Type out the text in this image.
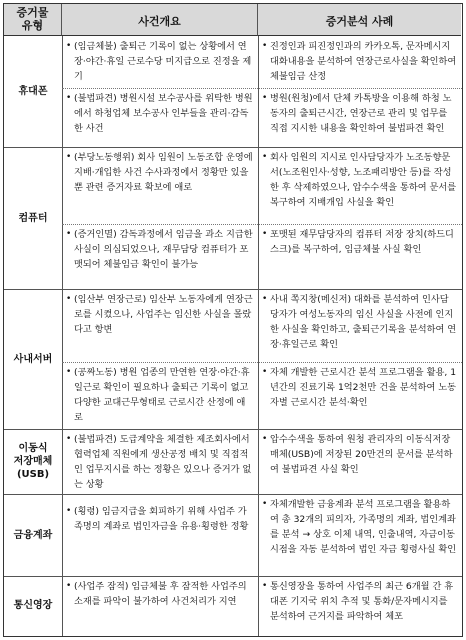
증거물
유형	사건개요	증거분석 사례
휴대폰
• (임금체불) 출퇴근 기록이 없는 상황에서 연장·야간·휴일 근로수당 미지급으로 진정을 제기
• (불법파견) 병원시설 보수공사를 위탁한 병원에서 하청업체 보수공사 인부들을 관리·감독한 사건
• 진정인과 피진정인과의 카카오톡, 문자메시지 대화내용을 분석하여 연장근로사실을 확인하여 체불임금 산정
• 병원(원청)에서 단체 카톡방을 이용해 하청 노동자의 출퇴근시간, 연장근로 관리 및 업무를 직접 지시한 내용을 확인하여 불법파견 확인
컴퓨터
• (부당노동행위) 회사 임원이 노동조합 운영에 지배·개입한 사건 수사과정에서 정황만 있을 뿐 관련 증거자료 확보에 애로
• (증거인멸) 감독과정에서 임금을 과소 지급한 사실이 의심되었으나, 재무담당 컴퓨터가 포맷되어 체불임금 확인이 불가능
• 회사 임원의 지시로 인사담당자가 노조동향문서(노조원인사·성향, 노조패리방안 등)를 작성한 후 삭제하였으나, 압수수색을 통하여 문서를 복구하여 지배개입 사실을 확인
• 포맷된 재무담당자의 컴퓨터 저장 장치(하드디스크)를 복구하여, 임금체불 사실 확인
사내서버
• (임산부 연장근로) 임산부 노동자에게 연장근로를 시켰으나, 사업주는 임신한 사실을 몰랐다고 항변
• (공짜노동) 병원 업종의 만연한 연장·야간·휴일근로 확인이 필요하나 출퇴근 기록이 없고 다양한 교대근무형태로 근로시간 산정에 애로
• 사내 쪽지창(메신저) 대화를 분석하여 인사담당자가 여성노동자의 임신 사실을 사전에 인지한 사실을 확인하고, 출퇴근기록을 분석하여 연장·휴일근로 확인
• 자체 개발한 근로시간 분석 프로그램을 활용, 1년간의 진료기록 1억2천만 건을 분석하여 노동자별 근로시간 분석·확인
이동식
저장매체
(USB)
• (불법파견) 도급계약을 체결한 제조회사에서 협력업체 직원에게 생산공정 배치 및 직접적인 업무지시를 하는 정황은 있으나 증거가 없는 상황
• 압수수색을 통하여 원청 관리자의 이동식저장매체(USB)에 저장된 20만건의 문서를 분석하여 불법파견 사실 확인
금융계좌
• (횡령) 임금지급을 회피하기 위해 사업주 가족명의 계좌로 법인자금을 유용·횡령한 정황
• 자체개발한 금융계좌 분석 프로그램을 활용하여 총 32개의 피의자, 가족명의 계좌, 법인계좌를 분석 → 상호 이체 내역, 인출내역, 자금이동 시점을 자동 분석하여 법인 자금 횡령사실 확인
통신영장
• (사업주 잠적) 임금체불 후 잠적한 사업주의 소재를 파악이 불가하여 사건처리가 지연
• 통신영장을 통하여 사업주의 최근 6개월 간 휴대폰 기지국 위치 추적 및 통화/문자메시지를 분석하여 근거지를 파악하여 체포
